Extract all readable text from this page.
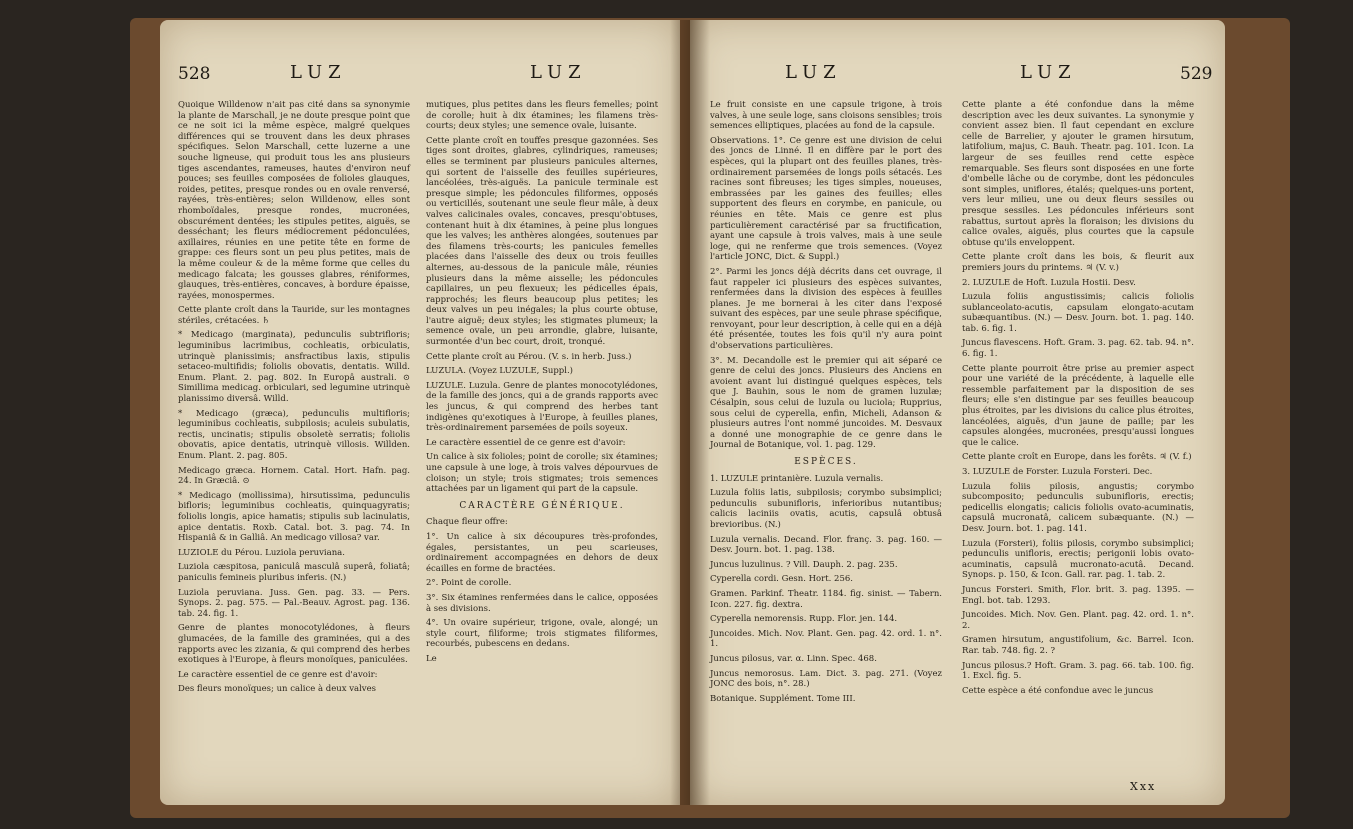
528	LUZ	LUZ

Quoique Willdenow n'ait pas cité dans sa synonymie la plante de Marschall, je ne doute presque point que ce ne soit ici la même espèce, malgré quelques différences qui se trouvent dans les deux phrases spécifiques. Selon Marschall, cette luzerne a une souche ligneuse, qui produit tous les ans plusieurs tiges ascendantes, rameuses, hautes d'environ neuf pouces; ses feuilles composées de folioles glauques, roides, petites, presque rondes ou en ovale renversé, rayées, très-entières; selon Willdenow, elles sont rhomboïdales, presque rondes, mucronées, obscurément dentées; les stipules petites, aiguës, se desséchant; les fleurs médiocrement pédonculées, axillaires, réunies en une petite tête en forme de grappe: ces fleurs sont un peu plus petites, mais de la même couleur & de la même forme que celles du medicago falcata; les gousses glabres, réniformes, glauques, très-entières, concaves, à bordure épaisse, rayées, monospermes.

Cette plante croît dans la Tauride, sur les montagnes stériles, crétacées. ♄

* Medicago (marginata), pedunculis subtrifloris; leguminibus lacrimibus, cochleatis, orbiculatis, utrinquè planissimis; ansfractibus laxis, stipulis setaceo-multifidis; foliolis obovatis, dentatis. Willd. Enum. Plant. 2. pag. 802. In Europâ australi. ⊙ Simillima medicag. orbiculari, sed legumine utrinquè planissimo diversâ. Willd.

* Medicago (græca), pedunculis multifloris; leguminibus cochleatis, subpilosis; aculeis subulatis, rectis, uncinatis; stipulis obsoletè serratis; foliolis obovatis, apice dentatis, utrinquè villosis. Willden. Enum. Plant. 2. pag. 805.

Medicago græca. Hornem. Catal. Hort. Hafn. pag. 24. In Græciâ. ⊙

* Medicago (mollissima), hirsutissima, pedunculis bifloris; leguminibus cochleatis, quinquagyratis; foliolis longis, apice hamatis; stipulis sub lacinulatis, apice dentatis. Roxb. Catal. bot. 3. pag. 74. In Hispaniâ & in Galliâ. An medicago villosa? var.

LUZIOLE du Pérou. Luziola peruviana.

Luziola cæspitosa, paniculâ masculâ superâ, foliatâ; paniculis femineis pluribus inferis. (N.)

Luziola peruviana. Juss. Gen. pag. 33. — Pers. Synops. 2. pag. 575. — Pal.-Beauv. Agrost. pag. 136. tab. 24. fig. 1.

Genre de plantes monocotylédones, à fleurs glumacées, de la famille des graminées, qui a des rapports avec les zizania, & qui comprend des herbes exotiques à l'Europe, à fleurs monoïques, paniculées.

Le caractère essentiel de ce genre est d'avoir:

Des fleurs monoïques; un calice à deux valves

mutiques, plus petites dans les fleurs femelles; point de corolle; huit à dix étamines; les filamens très-courts; deux styles; une semence ovale, luisante.

Cette plante croît en touffes presque gazonnées. Ses tiges sont droites, glabres, cylindriques, rameuses; elles se terminent par plusieurs panicules alternes, qui sortent de l'aisselle des feuilles supérieures, lancéolées, très-aiguës. La panicule terminale est presque simple; les pédoncules filiformes, opposés ou verticillés, soutenant une seule fleur mâle, à deux valves calicinales ovales, concaves, presqu'obtuses, contenant huit à dix étamines, à peine plus longues que les valves; les anthères alongées, soutenues par des filamens très-courts; les panicules femelles placées dans l'aisselle des deux ou trois feuilles alternes, au-dessous de la panicule mâle, réunies plusieurs dans la même aisselle; les pédoncules capillaires, un peu flexueux; les pédicelles épais, rapprochés; les fleurs beaucoup plus petites; les deux valves un peu inégales; la plus courte obtuse, l'autre aiguë; deux styles; les stigmates plumeux; la semence ovale, un peu arrondie, glabre, luisante, surmontée d'un bec court, droit, tronqué.

Cette plante croît au Pérou. (V. s. in herb. Juss.)

LUZULA. (Voyez LUZULE, Suppl.)

LUZULE. Luzula. Genre de plantes monocotylédones, de la famille des joncs, qui a de grands rapports avec les juncus, & qui comprend des herbes tant indigènes qu'exotiques à l'Europe, à feuilles planes, très-ordinairement parsemées de poils soyeux.

Le caractère essentiel de ce genre est d'avoir:

Un calice à six folioles; point de corolle; six étamines; une capsule à une loge, à trois valves dépourvues de cloison; un style; trois stigmates; trois semences attachées par un ligament qui part de la capsule.

CARACTÈRE GÉNÉRIQUE.

Chaque fleur offre:

1°. Un calice à six découpures très-profondes, égales, persistantes, un peu scarieuses, ordinairement accompagnées en dehors de deux écailles en forme de bractées.

2°. Point de corolle.

3°. Six étamines renfermées dans le calice, opposées à ses divisions.

4°. Un ovaire supérieur, trigone, ovale, alongé; un style court, filiforme; trois stigmates filiformes, recourbés, pubescens en dedans.

Le

LUZ	LUZ	529

Le fruit consiste en une capsule trigone, à trois valves, à une seule loge, sans cloisons sensibles; trois semences elliptiques, placées au fond de la capsule.

Observations. 1°. Ce genre est une division de celui des joncs de Linné. Il en diffère par le port des espèces, qui la plupart ont des feuilles planes, très-ordinairement parsemées de longs poils sétacés. Les racines sont fibreuses; les tiges simples, noueuses, embrassées par les gaines des feuilles; elles supportent des fleurs en corymbe, en panicule, ou réunies en tête. Mais ce genre est plus particulièrement caractérisé par sa fructification, ayant une capsule à trois valves, mais à une seule loge, qui ne renferme que trois semences. (Voyez l'article JONC, Dict. & Suppl.)

2°. Parmi les joncs déjà décrits dans cet ouvrage, il faut rappeler ici plusieurs des espèces suivantes, renfermées dans la division des espèces à feuilles planes. Je me bornerai à les citer dans l'exposé suivant des espèces, par une seule phrase spécifique, renvoyant, pour leur description, à celle qui en a déjà été présentée, toutes les fois qu'il n'y aura point d'observations particulières.

3°. M. Decandolle est le premier qui ait séparé ce genre de celui des joncs. Plusieurs des Anciens en avoient avant lui distingué quelques espèces, tels que J. Bauhin, sous le nom de gramen luzulæ; Césalpin, sous celui de luzula ou luciola; Rupprius, sous celui de cyperella, enfin, Micheli, Adanson & plusieurs autres l'ont nommé juncoides. M. Desvaux a donné une monographie de ce genre dans le Journal de Botanique, vol. 1. pag. 129.

ESPÈCES.

1. LUZULE printanière. Luzula vernalis.

Luzula foliis latis, subpilosis; corymbo subsimplici; pedunculis subunifloris, inferioribus nutantibus; calicis laciniis ovatis, acutis, capsulâ obtusâ brevioribus. (N.)

Luzula vernalis. Decand. Flor. franç. 3. pag. 160. — Desv. Journ. bot. 1. pag. 138.

Juncus luzulinus. ? Vill. Dauph. 2. pag. 235.

Cyperella cordi. Gesn. Hort. 256.

Gramen. Parkinf. Theatr. 1184. fig. sinist. — Tabern. Icon. 227. fig. dextra.

Cyperella nemorensis. Rupp. Flor. jen. 144.

Juncoides. Mich. Nov. Plant. Gen. pag. 42. ord. 1. n°. 1.

Juncus pilosus, var. α. Linn. Spec. 468.

Juncus nemorosus. Lam. Dict. 3. pag. 271. (Voyez JONC des bois, n°. 28.)

Botanique. Supplément. Tome III.

Cette plante a été confondue dans la même description avec les deux suivantes. La synonymie y convient assez bien. Il faut cependant en exclure celle de Barrelier, y ajouter le gramen hirsutum, latifolium, majus, C. Bauh. Theatr. pag. 101. Icon. La largeur de ses feuilles rend cette espèce remarquable. Ses fleurs sont disposées en une forte d'ombelle lâche ou de corymbe, dont les pédoncules sont simples, uniflores, étalés; quelques-uns portent, vers leur milieu, une ou deux fleurs sessiles ou presque sessiles. Les pédoncules inférieurs sont rabattus, surtout après la floraison; les divisions du calice ovales, aiguës, plus courtes que la capsule obtuse qu'ils enveloppent.

Cette plante croît dans les bois, & fleurit aux premiers jours du printems. ♃ (V. v.)

2. LUZULE de Hoft. Luzula Hostii. Desv.

Luzula foliis angustissimis; calicis foliolis sublanceolato-acutis, capsulam elongato-acutam subæquantibus. (N.) — Desv. Journ. bot. 1. pag. 140. tab. 6. fig. 1.

Juncus flavescens. Hoft. Gram. 3. pag. 62. tab. 94. n°. 6. fig. 1.

Cette plante pourroit être prise au premier aspect pour une variété de la précédente, à laquelle elle ressemble parfaitement par la disposition de ses fleurs; elle s'en distingue par ses feuilles beaucoup plus étroites, par les divisions du calice plus étroites, lancéolées, aiguës, d'un jaune de paille; par les capsules alongées, mucronées, presqu'aussi longues que le calice.

Cette plante croît en Europe, dans les forêts. ♃ (V. f.)

3. LUZULE de Forster. Luzula Forsteri. Dec.

Luzula foliis pilosis, angustis; corymbo subcomposito; pedunculis subunifloris, erectis; pedicellis elongatis; calicis foliolis ovato-acuminatis, capsulâ mucronatâ, calicem subæquante. (N.) — Desv. Journ. bot. 1. pag. 141.

Luzula (Forsteri), foliis pilosis, corymbo subsimplici; pedunculis unifloris, erectis; perigonii lobis ovato-acuminatis, capsulâ mucronato-acutâ. Decand. Synops. p. 150, & Icon. Gall. rar. pag. 1. tab. 2.

Juncus Forsteri. Smith, Flor. brit. 3. pag. 1395. — Engl. bot. tab. 1293.

Juncoides. Mich. Nov. Gen. Plant. pag. 42. ord. 1. n°. 2.

Gramen hirsutum, angustifolium, &c. Barrel. Icon. Rar. tab. 748. fig. 2. ?

Juncus pilosus.? Hoft. Gram. 3. pag. 66. tab. 100. fig. 1. Excl. fig. 5.

Cette espèce a été confondue avec le juncus

Xxx
